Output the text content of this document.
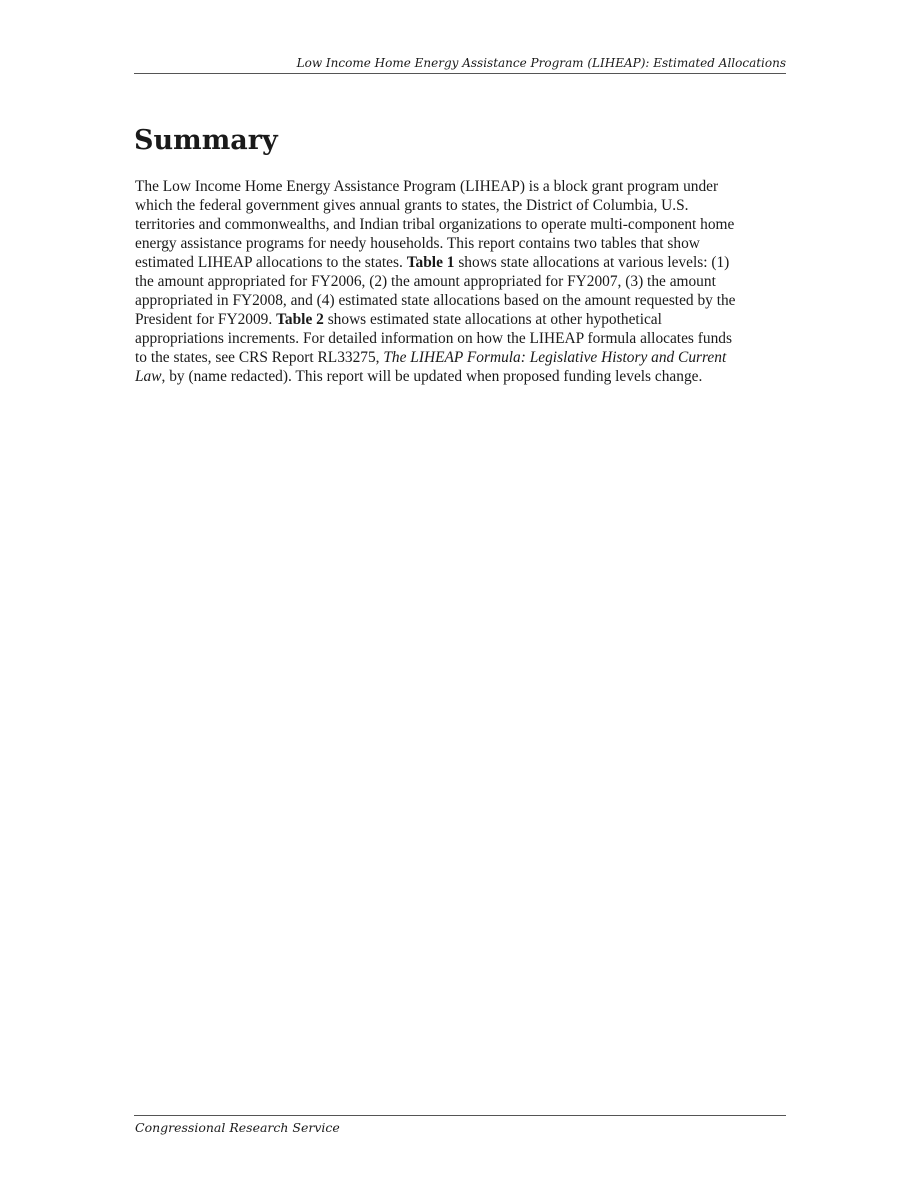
Low Income Home Energy Assistance Program (LIHEAP): Estimated Allocations
Summary
The Low Income Home Energy Assistance Program (LIHEAP) is a block grant program under
which the federal government gives annual grants to states, the District of Columbia, U.S.
territories and commonwealths, and Indian tribal organizations to operate multi-component home
energy assistance programs for needy households. This report contains two tables that show
estimated LIHEAP allocations to the states. Table 1 shows state allocations at various levels: (1)
the amount appropriated for FY2006, (2) the amount appropriated for FY2007, (3) the amount
appropriated in FY2008, and (4) estimated state allocations based on the amount requested by the
President for FY2009. Table 2 shows estimated state allocations at other hypothetical
appropriations increments. For detailed information on how the LIHEAP formula allocates funds
to the states, see CRS Report RL33275, The LIHEAP Formula: Legislative History and Current
Law, by (name redacted). This report will be updated when proposed funding levels change.
Congressional Research Service
